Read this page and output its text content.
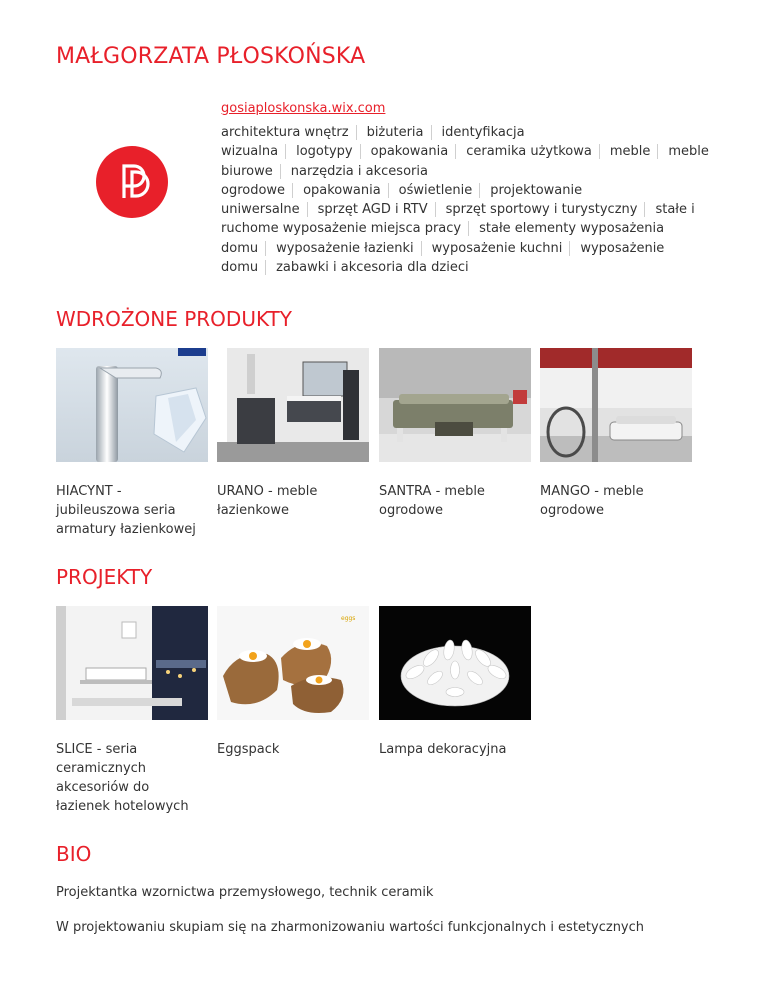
MAŁGORZATA PŁOSKOŃSKA
gosiaploskonska.wix.com
architektura wnętrz biżuteria identyfikacja wizualna logotypy opakowania ceramika użytkowa meble meble biurowe narzędzia i akcesoria ogrodowe opakowania oświetlenie projektowanie uniwersalne sprzęt AGD i RTV sprzęt sportowy i turystyczny stałe i ruchome wyposażenie miejsca pracy stałe elementy wyposażenia domu wyposażenie łazienki wyposażenie kuchni wyposażenie domu zabawki i akcesoria dla dzieci
WDROŻONE PRODUKTY
HIACYNT - jubileuszowa seria armatury łazienkowej
URANO - meble łazienkowe
SANTRA - meble ogrodowe
MANGO - meble ogrodowe
PROJEKTY
eggs
SLICE - seria ceramicznych akcesoriów do łazienek hotelowych
Eggspack	Lampa dekoracyjna
BIO

Projektantka wzornictwa przemysłowego, technik ceramik

W projektowaniu skupiam się na zharmonizowaniu wartości funkcjonalnych i estetycznych
